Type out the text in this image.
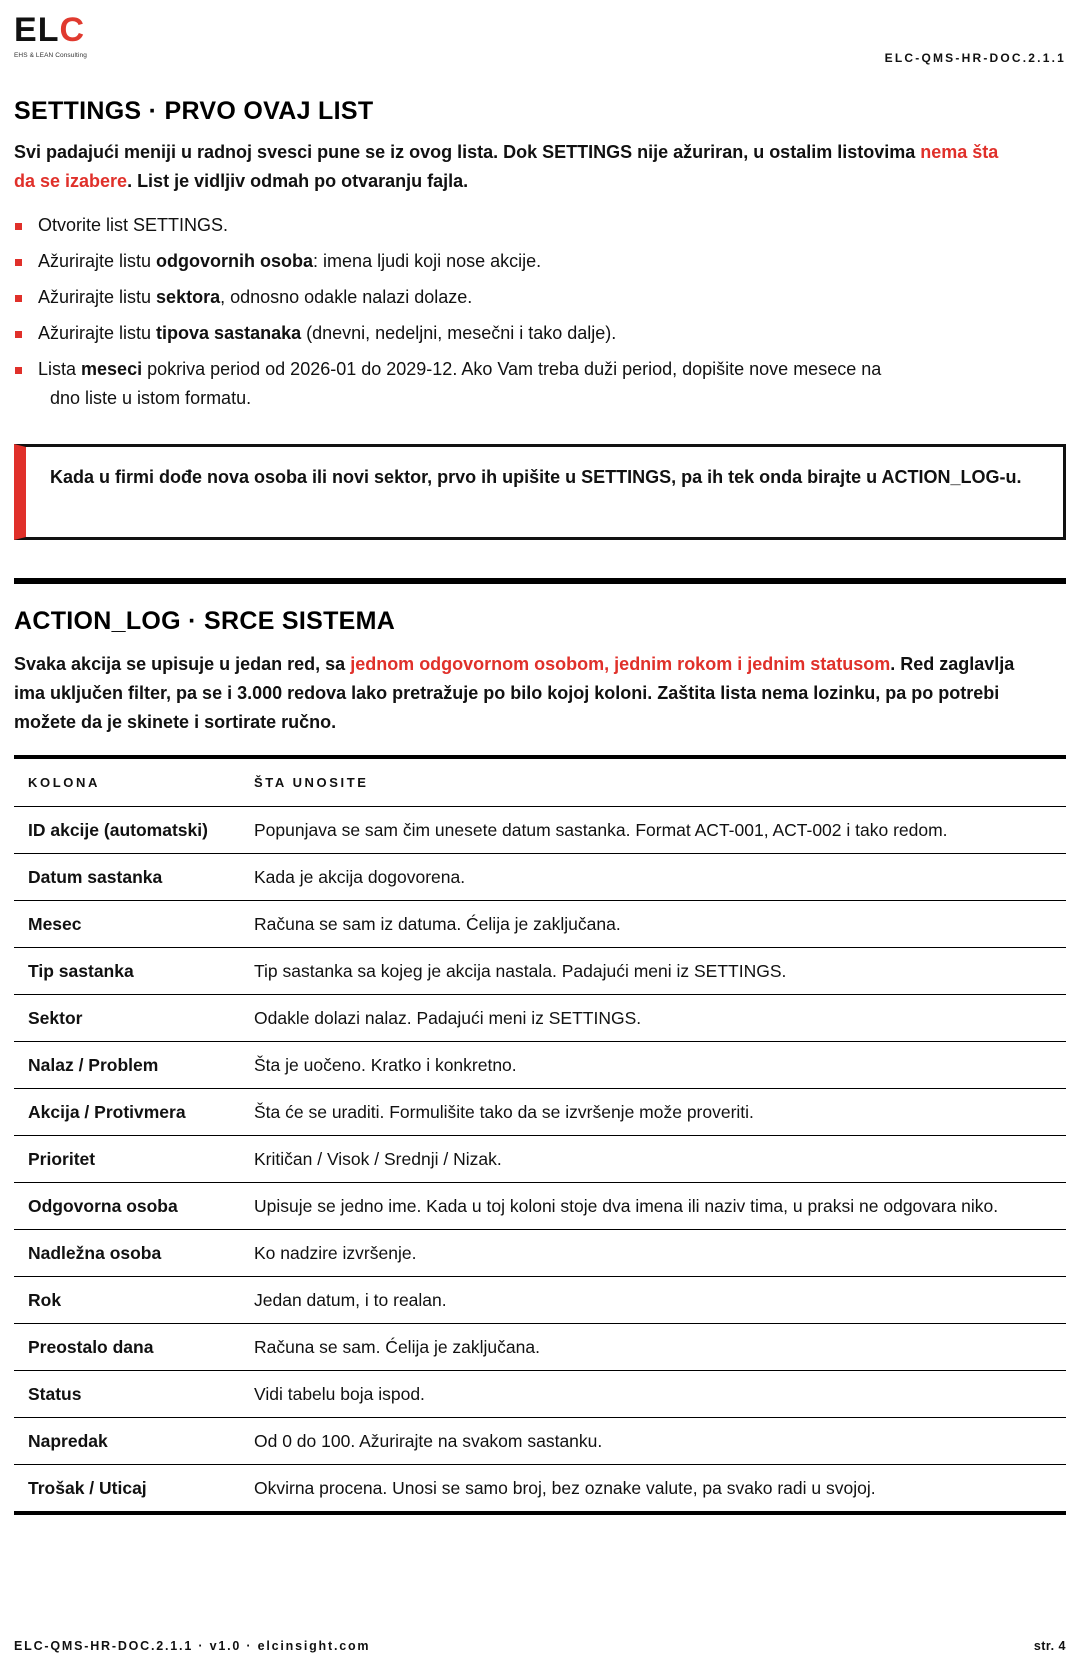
ELC
EHS & LEAN Consulting	ELC-QMS-HR-DOC.2.1.1
SETTINGS · PRVO OVAJ LIST
Svi padajući meniji u radnoj svesci pune se iz ovog lista. Dok SETTINGS nije ažuriran, u ostalim listovima nema šta da se izabere. List je vidljiv odmah po otvaranju fajla.
Otvorite list SETTINGS.
Ažurirajte listu odgovornih osoba: imena ljudi koji nose akcije.
Ažurirajte listu sektora, odnosno odakle nalazi dolaze.
Ažurirajte listu tipova sastanaka (dnevni, nedeljni, mesečni i tako dalje).
Lista meseci pokriva period od 2026-01 do 2029-12. Ako Vam treba duži period, dopišite nove mesece na
dno liste u istom formatu.
Kada u firmi dođe nova osoba ili novi sektor, prvo ih upišite u SETTINGS, pa ih tek onda birajte u ACTION_LOG-u.
ACTION_LOG · SRCE SISTEMA
Svaka akcija se upisuje u jedan red, sa jednom odgovornom osobom, jednim rokom i jednim statusom. Red zaglavlja ima uključen filter, pa se i 3.000 redova lako pretražuje po bilo kojoj koloni. Zaštita lista nema lozinku, pa po potrebi možete da je skinete i sortirate ručno.
KOLONA	ŠTA UNOSITE
ID akcije (automatski)	Popunjava se sam čim unesete datum sastanka. Format ACT-001, ACT-002 i tako redom.
Datum sastanka	Kada je akcija dogovorena.
Mesec	Računa se sam iz datuma. Ćelija je zaključana.
Tip sastanka	Tip sastanka sa kojeg je akcija nastala. Padajući meni iz SETTINGS.
Sektor	Odakle dolazi nalaz. Padajući meni iz SETTINGS.
Nalaz / Problem	Šta je uočeno. Kratko i konkretno.
Akcija / Protivmera	Šta će se uraditi. Formulišite tako da se izvršenje može proveriti.
Prioritet	Kritičan / Visok / Srednji / Nizak.
Odgovorna osoba	Upisuje se jedno ime. Kada u toj koloni stoje dva imena ili naziv tima, u praksi ne odgovara niko.
Nadležna osoba	Ko nadzire izvršenje.
Rok	Jedan datum, i to realan.
Preostalo dana	Računa se sam. Ćelija je zaključana.
Status	Vidi tabelu boja ispod.
Napredak	Od 0 do 100. Ažurirajte na svakom sastanku.
Trošak / Uticaj	Okvirna procena. Unosi se samo broj, bez oznake valute, pa svako radi u svojoj.
ELC-QMS-HR-DOC.2.1.1 · v1.0 · elcinsight.com	str. 4
